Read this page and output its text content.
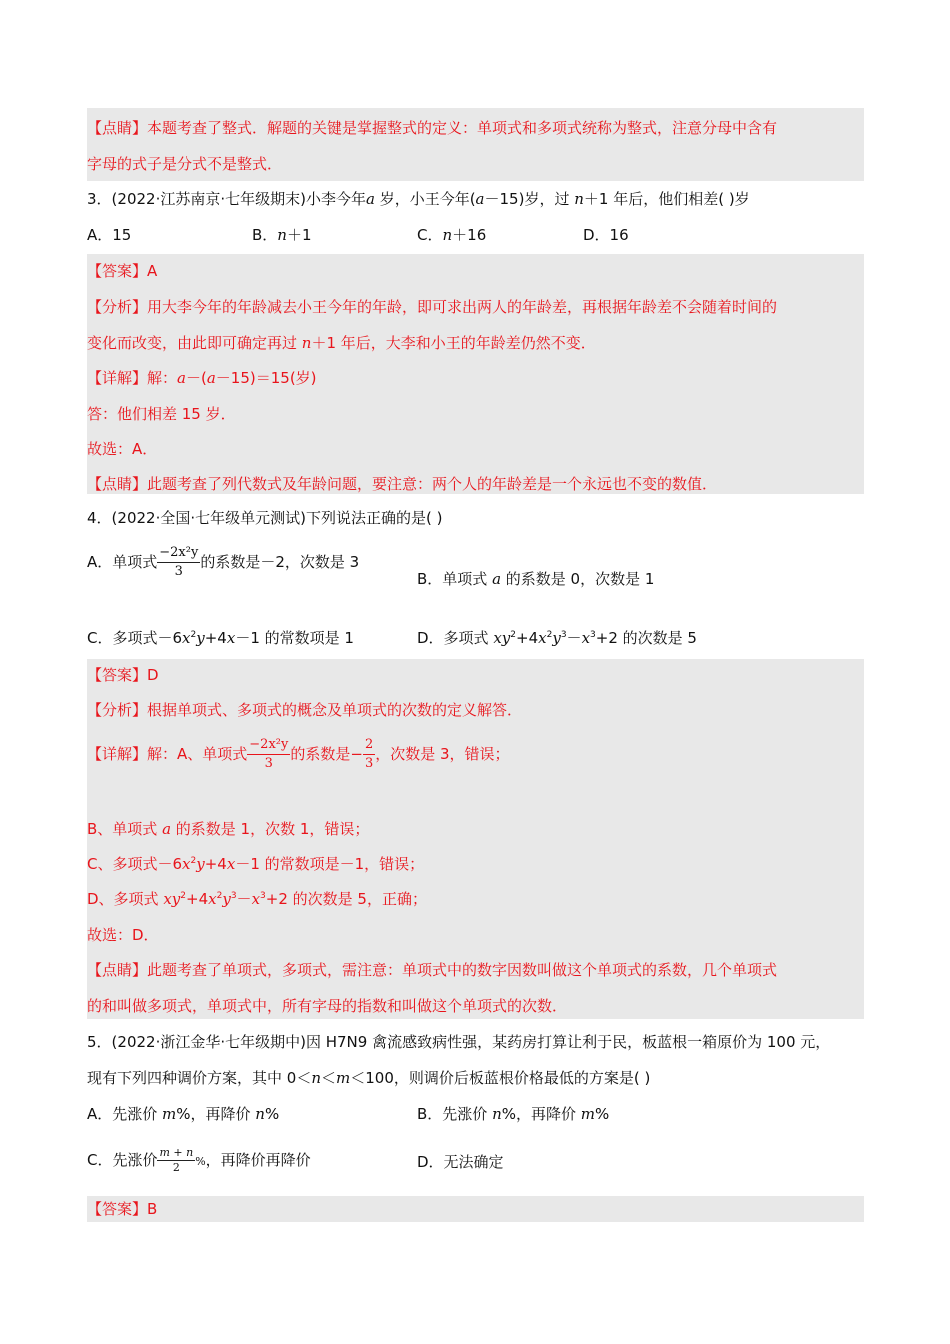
【点睛】本题考查了整式．解题的关键是掌握整式的定义：单项式和多项式统称为整式，注意分母中含有
字母的式子是分式不是整式．
3．(2022·江苏南京·七年级期末)小李今年a 岁，小王今年(a－15)岁，过 n＋1 年后，他们相差( )岁
A．15	B．n＋1	C．n＋16	D．16
【答案】A
【分析】用大李今年的年龄减去小王今年的年龄，即可求出两人的年龄差，再根据年龄差不会随着时间的
变化而改变，由此即可确定再过 n＋1 年后，大李和小王的年龄差仍然不变．
【详解】解：a－(a－15)＝15(岁)
答：他们相差 15 岁．
故选：A．
【点睛】此题考查了列代数式及年龄问题，要注意：两个人的年龄差是一个永远也不变的数值．
4．(2022·全国·七年级单元测试)下列说法正确的是( )
A．单项式 $\frac{\text{−2x²y}}{3}$ 的系数是－2，次数是 3
B．单项式 a 的系数是 0，次数是 1
C．多项式$-6x^2y+4x-1$ 的常数项是 1	D．多项式 $xy^2+4x^2y^3-x^3+2$ 的次数是 5
【答案】D
【分析】根据单项式、多项式的概念及单项式的次数的定义解答．
【详解】解：A、单项式 $\frac{\text{−2x²y}}{3}$ 的系数是− $\frac{2}{3}$ ，次数是 3，错误；
B、单项式 a 的系数是 1，次数 1，错误；
C、多项式$-6x^2y+4x-1$ 的常数项是－1，错误；
D、多项式 $xy^2+4x^2y^3-x^3+2$ 的次数是 5，正确；
故选：D．
【点睛】此题考查了单项式，多项式，需注意：单项式中的数字因数叫做这个单项式的系数，几个单项式
的和叫做多项式，单项式中，所有字母的指数和叫做这个单项式的次数．
5．(2022·浙江金华·七年级期中)因 H7N9 禽流感致病性强，某药房打算让利于民，板蓝根一箱原价为 100 元，
现有下列四种调价方案，其中 0＜n＜m＜100，则调价后板蓝根价格最低的方案是( )
A．先涨价 m%，再降价 n%	B．先涨价 n%，再降价 m%
C．先涨价 $\frac{m + n}{2}$ %，再降价再降价	D．无法确定
【答案】B
